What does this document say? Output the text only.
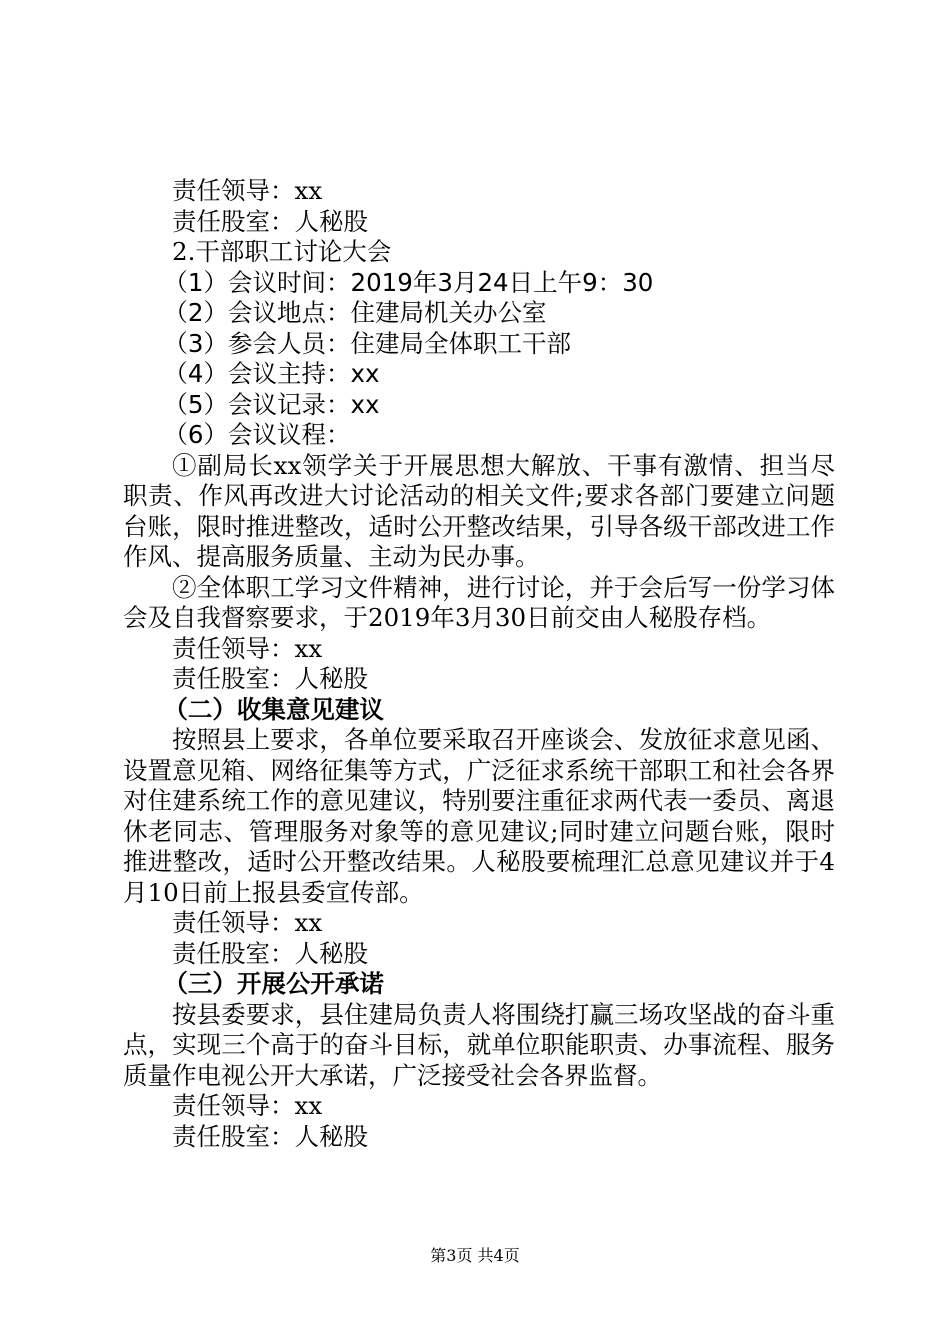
责任领导：xx
责任股室：人秘股
2.干部职工讨论大会
（1）会议时间：2019年3月24日上午9：30
（2）会议地点：住建局机关办公室
（3）参会人员：住建局全体职工干部
（4）会议主持：xx
（5）会议记录：xx
（6）会议议程：

①副局长xx领学关于开展思想大解放、干事有激情、担当尽职责、作风再改进大讨论活动的相关文件;要求各部门要建立问题台账，限时推进整改，适时公开整改结果，引导各级干部改进工作作风、提高服务质量、主动为民办事。

②全体职工学习文件精神，进行讨论，并于会后写一份学习体会及自我督察要求，于2019年3月30日前交由人秘股存档。

责任领导：xx
责任股室：人秘股
（二）收集意见建议

按照县上要求，各单位要采取召开座谈会、发放征求意见函、设置意见箱、网络征集等方式，广泛征求系统干部职工和社会各界对住建系统工作的意见建议，特别要注重征求两代表一委员、离退休老同志、管理服务对象等的意见建议;同时建立问题台账，限时推进整改，适时公开整改结果。人秘股要梳理汇总意见建议并于4月10日前上报县委宣传部。

责任领导：xx
责任股室：人秘股
（三）开展公开承诺

按县委要求，县住建局负责人将围绕打赢三场攻坚战的奋斗重点，实现三个高于的奋斗目标，就单位职能职责、办事流程、服务质量作电视公开大承诺，广泛接受社会各界监督。

责任领导：xx
责任股室：人秘股
第3页 共4页
